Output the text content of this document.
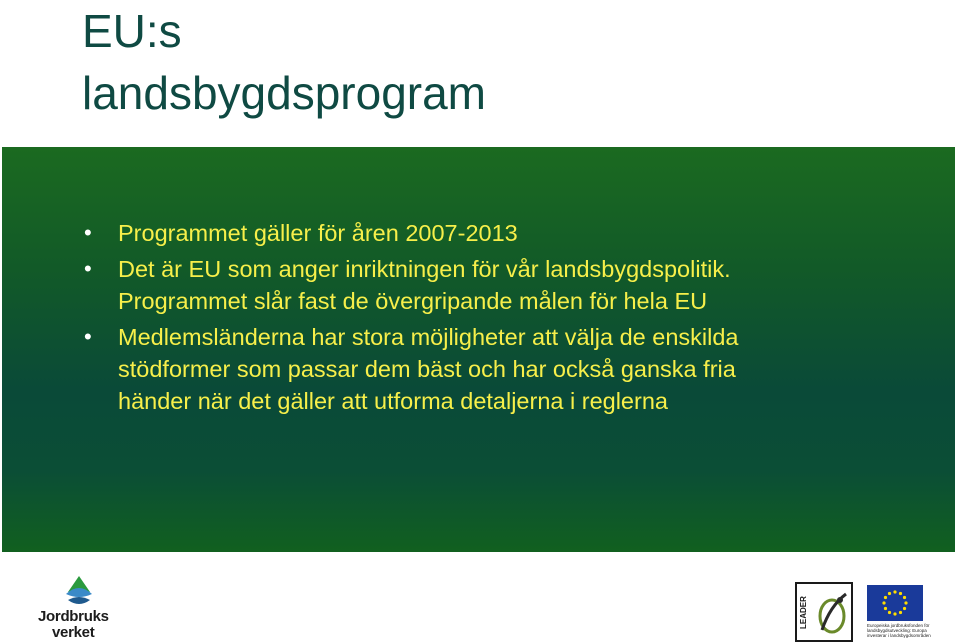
EU:s
landsbygdsprogram
• Programmet gäller för åren 2007-2013
• Det är EU som anger inriktningen för vår landsbygdspolitik.
Programmet slår fast de övergripande målen för hela EU
• Medlemsländerna har stora möjligheter att välja de enskilda
stödformer som passar dem bäst och har också ganska fria
händer när det gäller att utforma detaljerna i reglerna
Jordbruks
verket
LEADER	Europeiska jordbruksfonden för
landsbygdsutveckling: Europa
investerar i landsbygdsområden
